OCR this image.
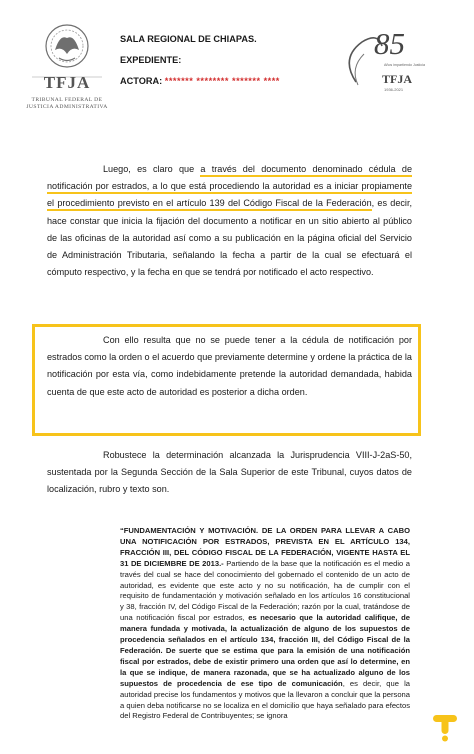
TFJA
TRIBUNAL FEDERAL DE JUSTICIA ADMINISTRATIVA
SALA REGIONAL DE CHIAPAS.
EXPEDIENTE:
ACTORA: ******* ******** ******* ****
85
Años impartiendo Justicia
TFJA
1936-2021
Luego, es claro que a través del documento denominado cédula de notificación por estrados, a lo que está procediendo la autoridad es a iniciar propiamente el procedimiento previsto en el artículo 139 del Código Fiscal de la Federación, es decir, hace constar que inicia la fijación del documento a notificar en un sitio abierto al público de las oficinas de la autoridad así como a su publicación en la página oficial del Servicio de Administración Tributaria, señalando la fecha a partir de la cual se efectuará el cómputo respectivo, y la fecha en que se tendrá por notificado el acto respectivo.
Con ello resulta que no se puede tener a la cédula de notificación por estrados como la orden o el acuerdo que previamente determine y ordene la práctica de la notificación por esta vía, como indebidamente pretende la autoridad demandada, habida cuenta de que este acto de autoridad es posterior a dicha orden.
Robustece la determinación alcanzada la Jurisprudencia VIII-J-2aS-50, sustentada por la Segunda Sección de la Sala Superior de este Tribunal, cuyos datos de localización, rubro y texto son.
“FUNDAMENTACIÓN Y MOTIVACIÓN. DE LA ORDEN PARA LLEVAR A CABO UNA NOTIFICACIÓN POR ESTRADOS, PREVISTA EN EL ARTÍCULO 134, FRACCIÓN III, DEL CÓDIGO FISCAL DE LA FEDERACIÓN, VIGENTE HASTA EL 31 DE DICIEMBRE DE 2013.- Partiendo de la base que la notificación es el medio a través del cual se hace del conocimiento del gobernado el contenido de un acto de autoridad, es evidente que este acto y no su notificación, ha de cumplir con el requisito de fundamentación y motivación señalado en los artículos 16 constitucional y 38, fracción IV, del Código Fiscal de la Federación; razón por la cual, tratándose de una notificación fiscal por estrados, es necesario que la autoridad califique, de manera fundada y motivada, la actualización de alguno de los supuestos de procedencia señalados en el artículo 134, fracción III, del Código Fiscal de la Federación. De suerte que se estima que para la emisión de una notificación fiscal por estrados, debe de existir primero una orden que así lo determine, en la que se indique, de manera razonada, que se ha actualizado alguno de los supuestos de procedencia de ese tipo de comunicación, es decir, que la autoridad precise los fundamentos y motivos que la llevaron a concluir que la persona a quien deba notificarse no se localiza en el domicilio que haya señalado para efectos del Registro Federal de Contribuyentes; se ignora
